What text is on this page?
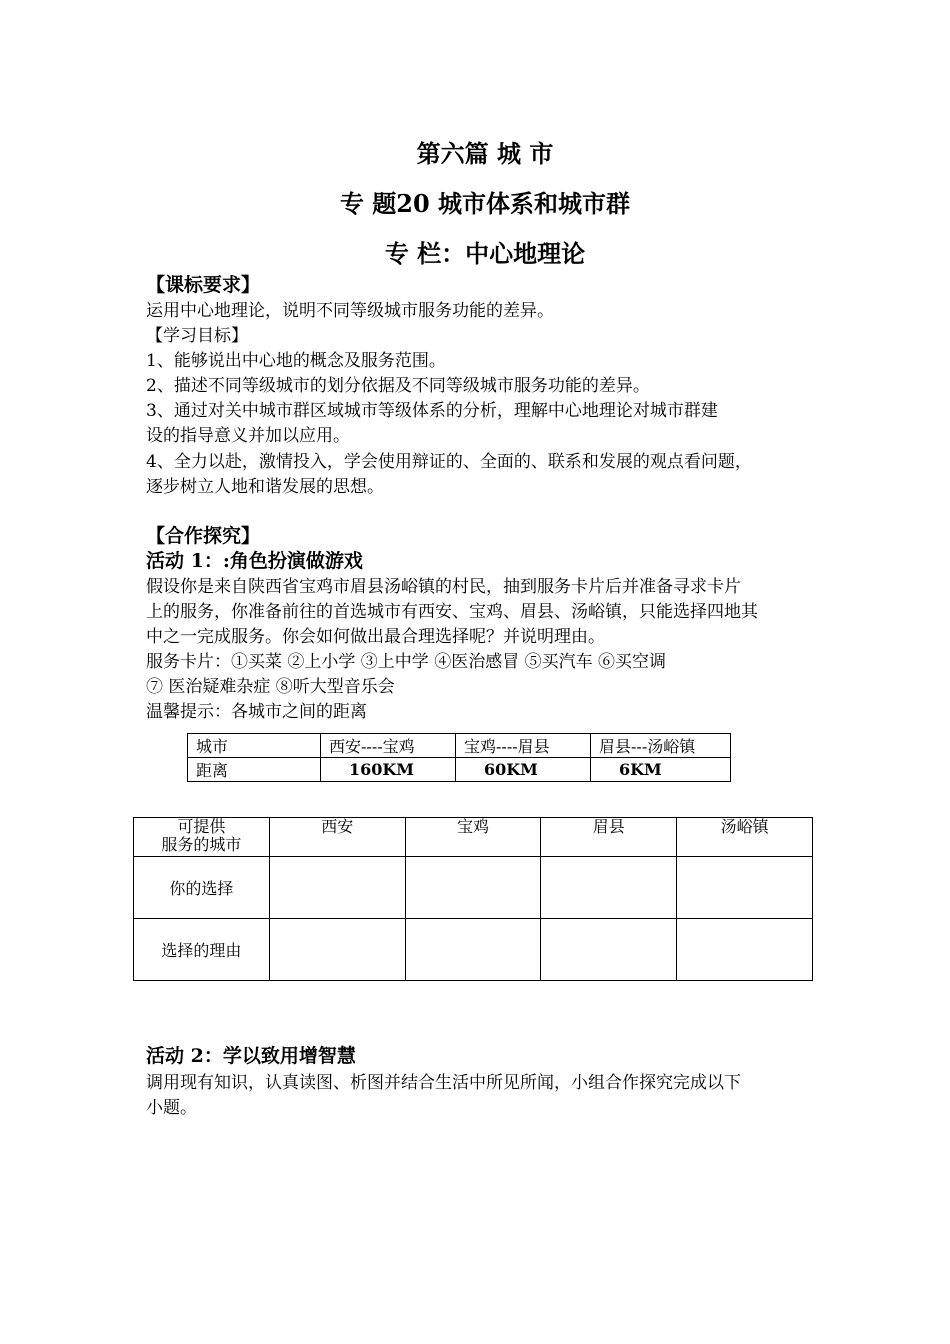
第六篇 城 市
专 题20 城市体系和城市群
专 栏：中心地理论
【课标要求】
运用中心地理论，说明不同等级城市服务功能的差异。
【学习目标】
1、能够说出中心地的概念及服务范围。
2、描述不同等级城市的划分依据及不同等级城市服务功能的差异。
3、通过对关中城市群区域城市等级体系的分析，理解中心地理论对城市群建
设的指导意义并加以应用。
4、全力以赴，激情投入，学会使用辩证的、全面的、联系和发展的观点看问题，
逐步树立人地和谐发展的思想。
【合作探究】
活动 1：:角色扮演做游戏
假设你是来自陕西省宝鸡市眉县汤峪镇的村民，抽到服务卡片后并准备寻求卡片
上的服务，你准备前往的首选城市有西安、宝鸡、眉县、汤峪镇，只能选择四地其
中之一完成服务。你会如何做出最合理选择呢？并说明理由。
服务卡片：①买菜 ②上小学 ③上中学 ④医治感冒 ⑤买汽车 ⑥买空调
⑦ 医治疑难杂症 ⑧听大型音乐会
温馨提示：各城市之间的距离
城市	西安----宝鸡	宝鸡----眉县	眉县---汤峪镇
距离	160KM	60KM	6KM
可提供
服务的城市	西安	宝鸡	眉县	汤峪镇
你的选择				
选择的理由				
活动 2：学以致用增智慧
调用现有知识，认真读图、析图并结合生活中所见所闻，小组合作探究完成以下
小题。
